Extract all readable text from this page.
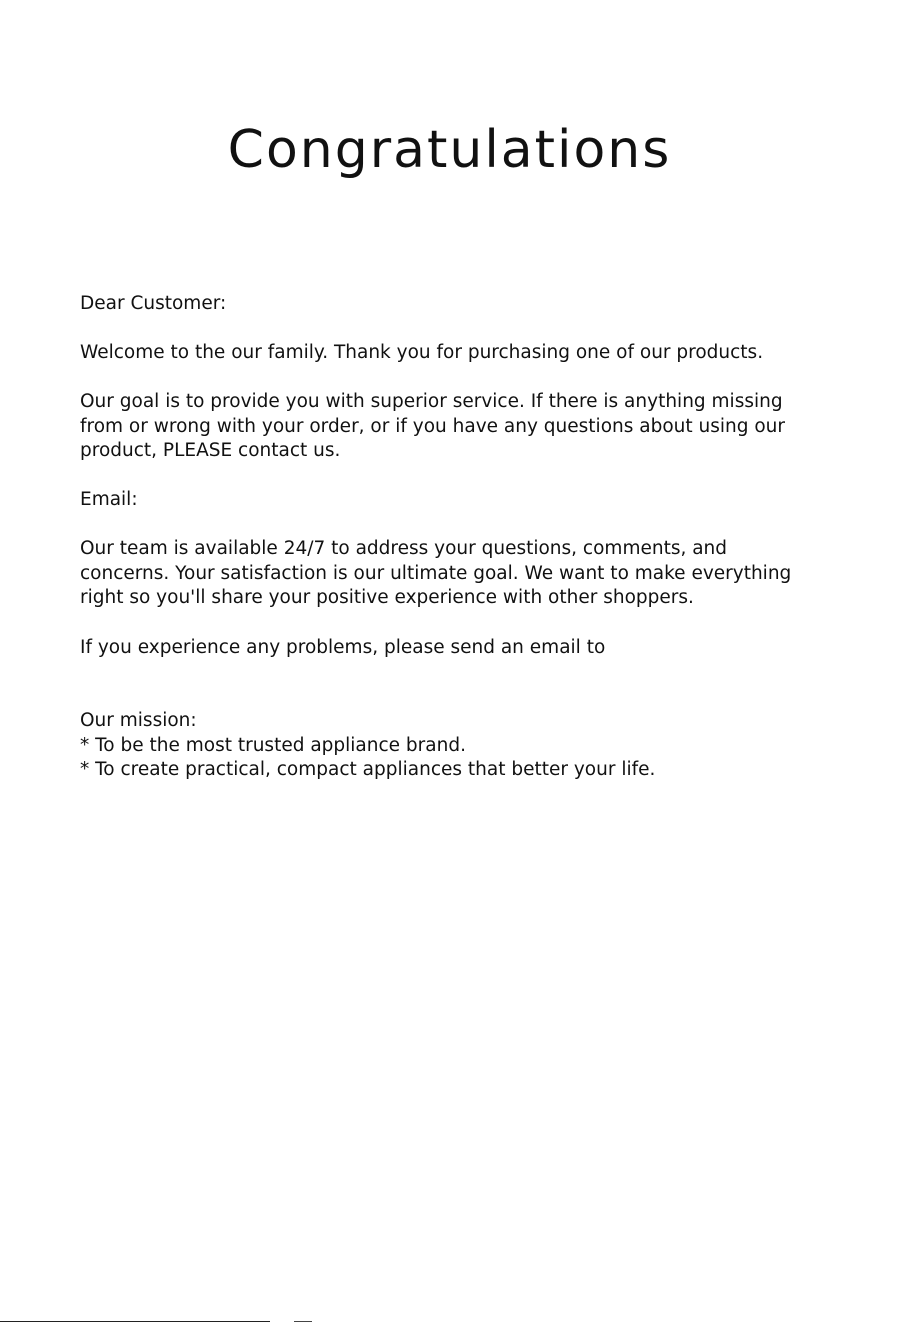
Congratulations

Dear Customer:

Welcome to the our family. Thank you for purchasing one of our products.

Our goal is to provide you with superior service. If there is anything missing from or wrong with your order, or if you have any questions about using our product, PLEASE contact us.

Email:

Our team is available 24/7 to address your questions, comments, and concerns. Your satisfaction is our ultimate goal. We want to make everything right so you'll share your positive experience with other shoppers.

If you experience any problems, please send an email to

Our mission:
* To be the most trusted appliance brand.
* To create practical, compact appliances that better your life.
